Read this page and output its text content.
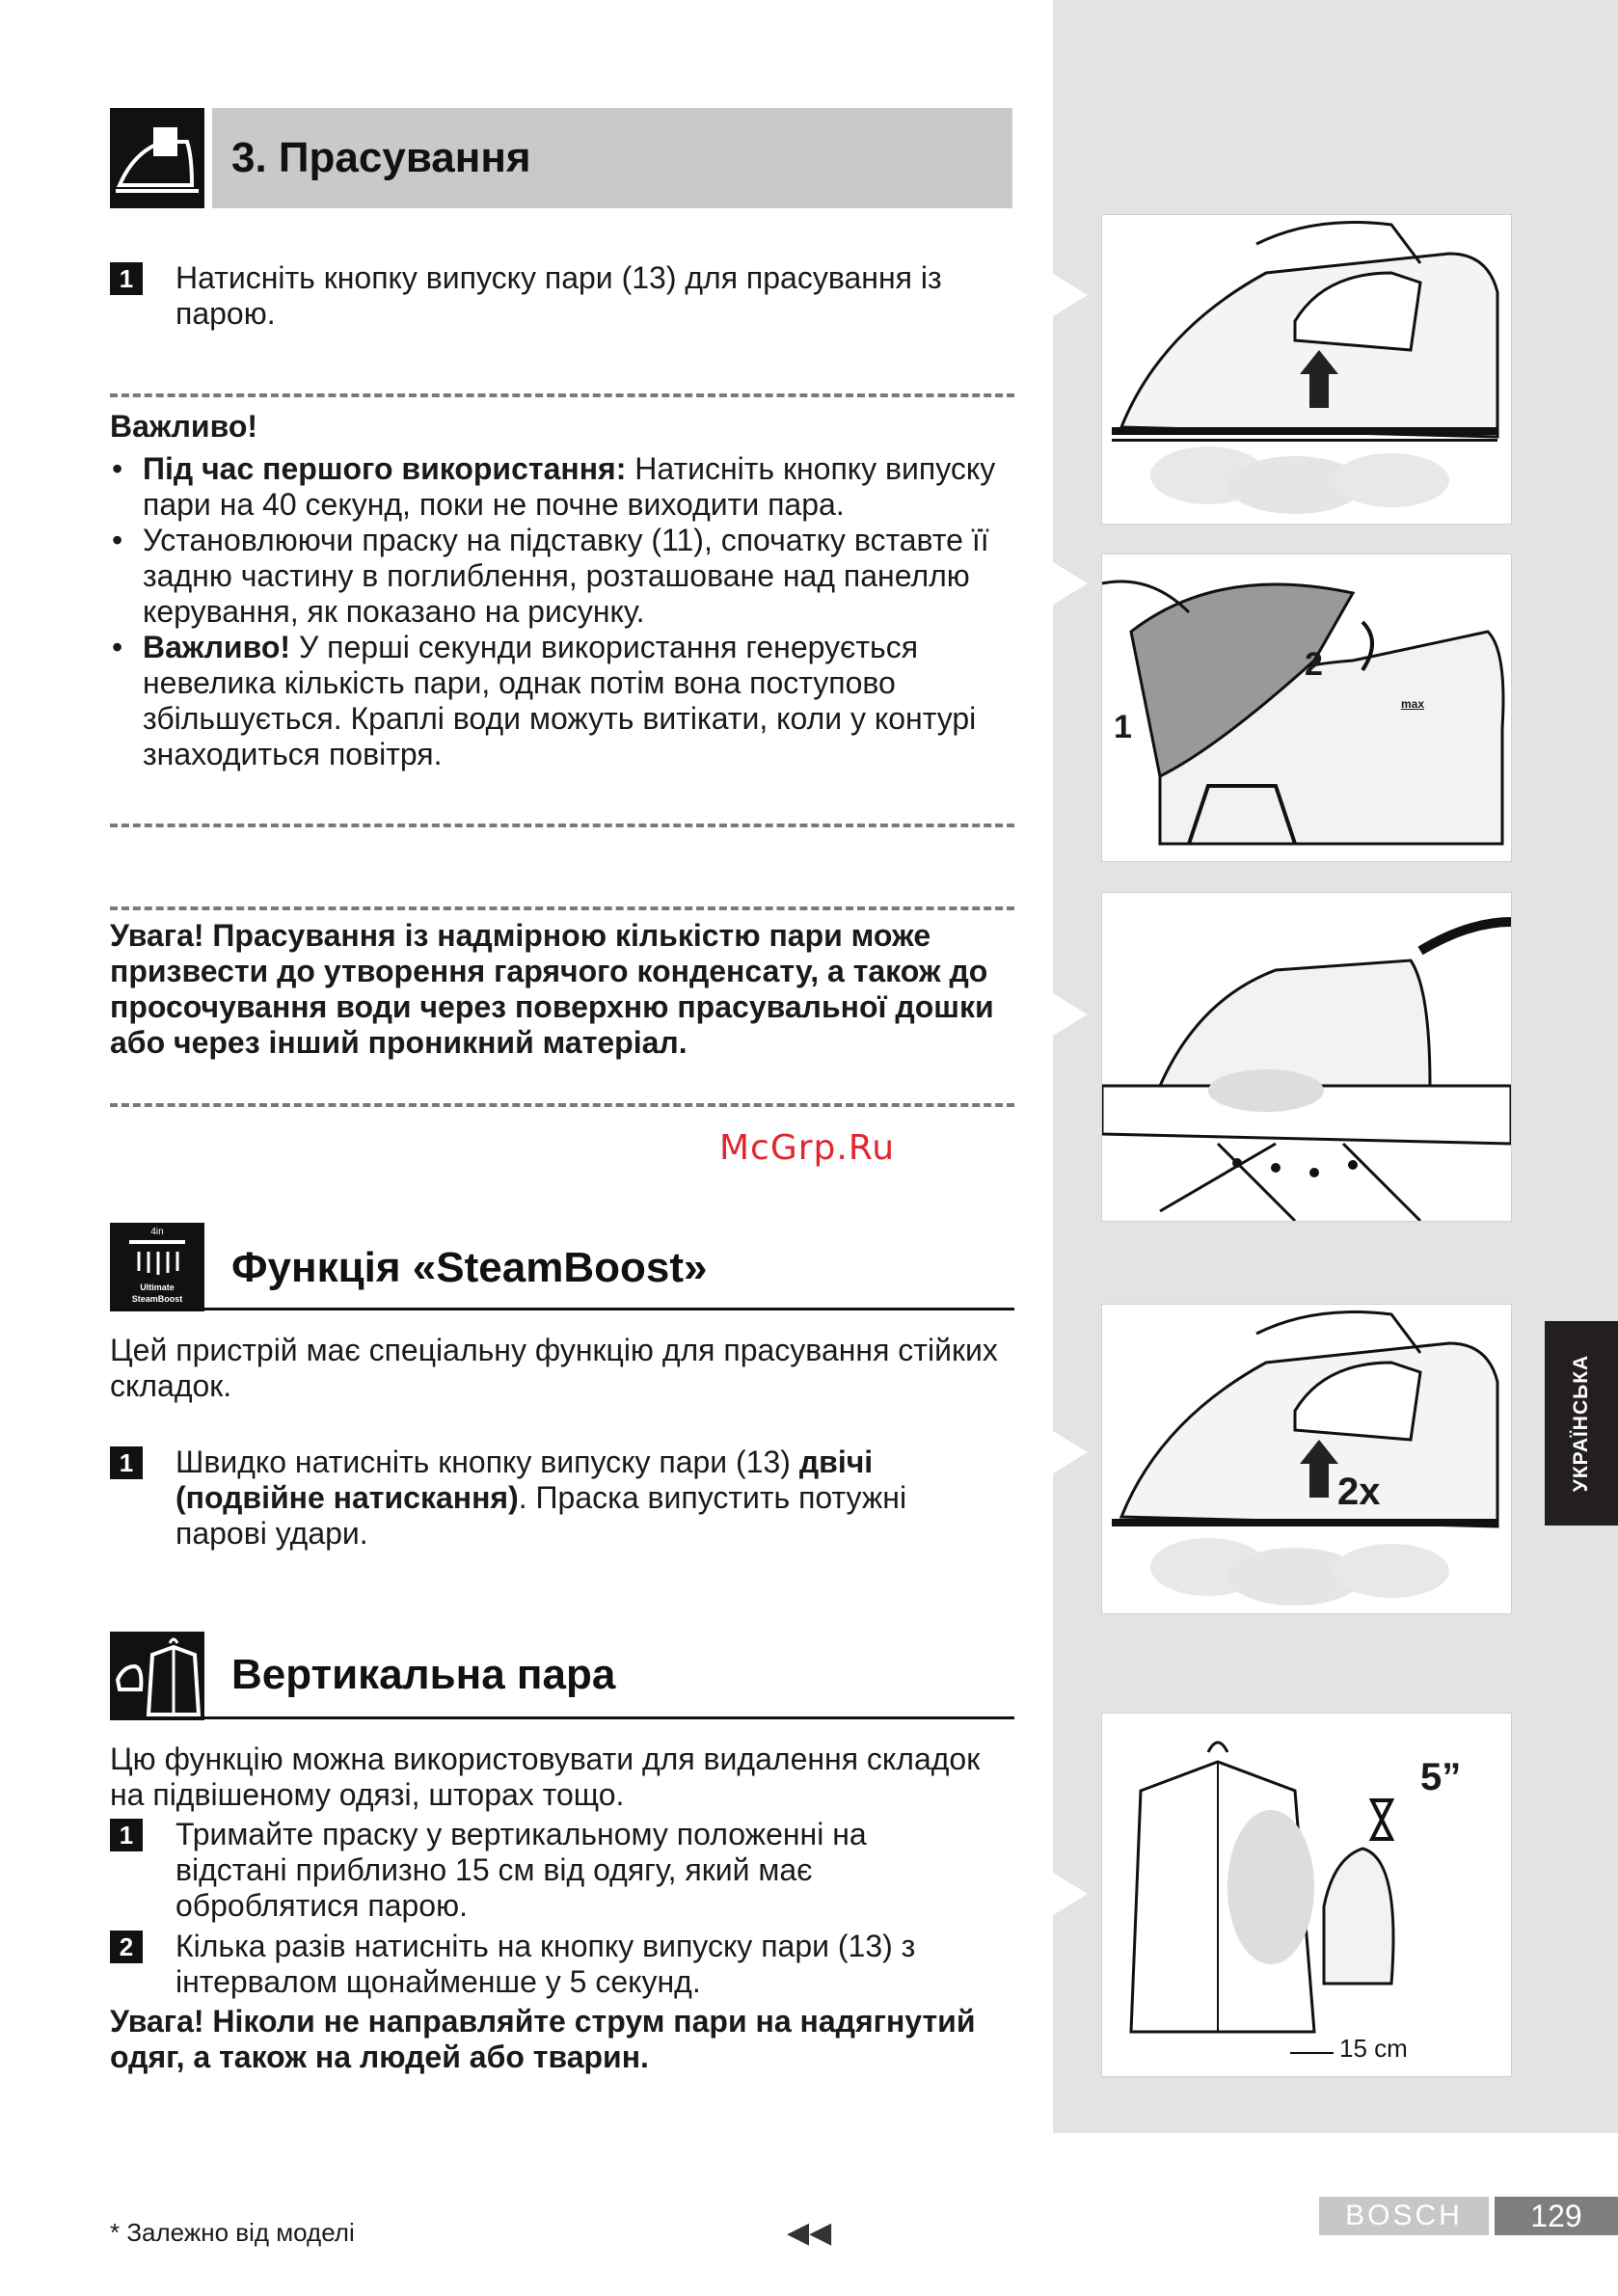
1
2
max
2x
5”
15 cm
УКРАЇНСЬКА
3. Прасування
1	Натисніть кнопку випуску пари (13) для прасування із парою.
Важливо!
• Під час першого використання: Натисніть кнопку випуску пари на 40 секунд, поки не почне виходити пара.
• Установлюючи праску на підставку (11), спочатку вставте її задню частину в поглиблення, розташоване над панеллю керування, як показано на рисунку.
• Важливо! У перші секунди використання генерується невелика кількість пари, однак потім вона поступово збільшується. Краплі води можуть витікати, коли у контурі знаходиться повітря.
Увага! Прасування із надмірною кількістю пари може призвести до утворення гарячого конденсату, а також до просочування води через поверхню прасувальної дошки або через інший проникний матеріал.
McGrp.Ru
4in
Ultimate
SteamBoost
Функція «SteamBoost»
Цей пристрій має спеціальну функцію для прасування стійких складок.
1	Швидко натисніть кнопку випуску пари (13) двічі (подвійне натискання). Праска випустить потужні парові удари.
Вертикальна пара
Цю функцію можна використовувати для видалення складок на підвішеному одязі, шторах тощо.
1	Тримайте праску у вертикальному положенні на відстані приблизно 15 см від одягу, який має оброблятися парою.
2	Кілька разів натисніть на кнопку випуску пари (13) з інтервалом щонайменше у 5 секунд.
Увага! Ніколи не направляйте струм пари на надягнутий одяг, а також на людей або тварин.
* Залежно від моделі	◀◀
BOSCH	129
